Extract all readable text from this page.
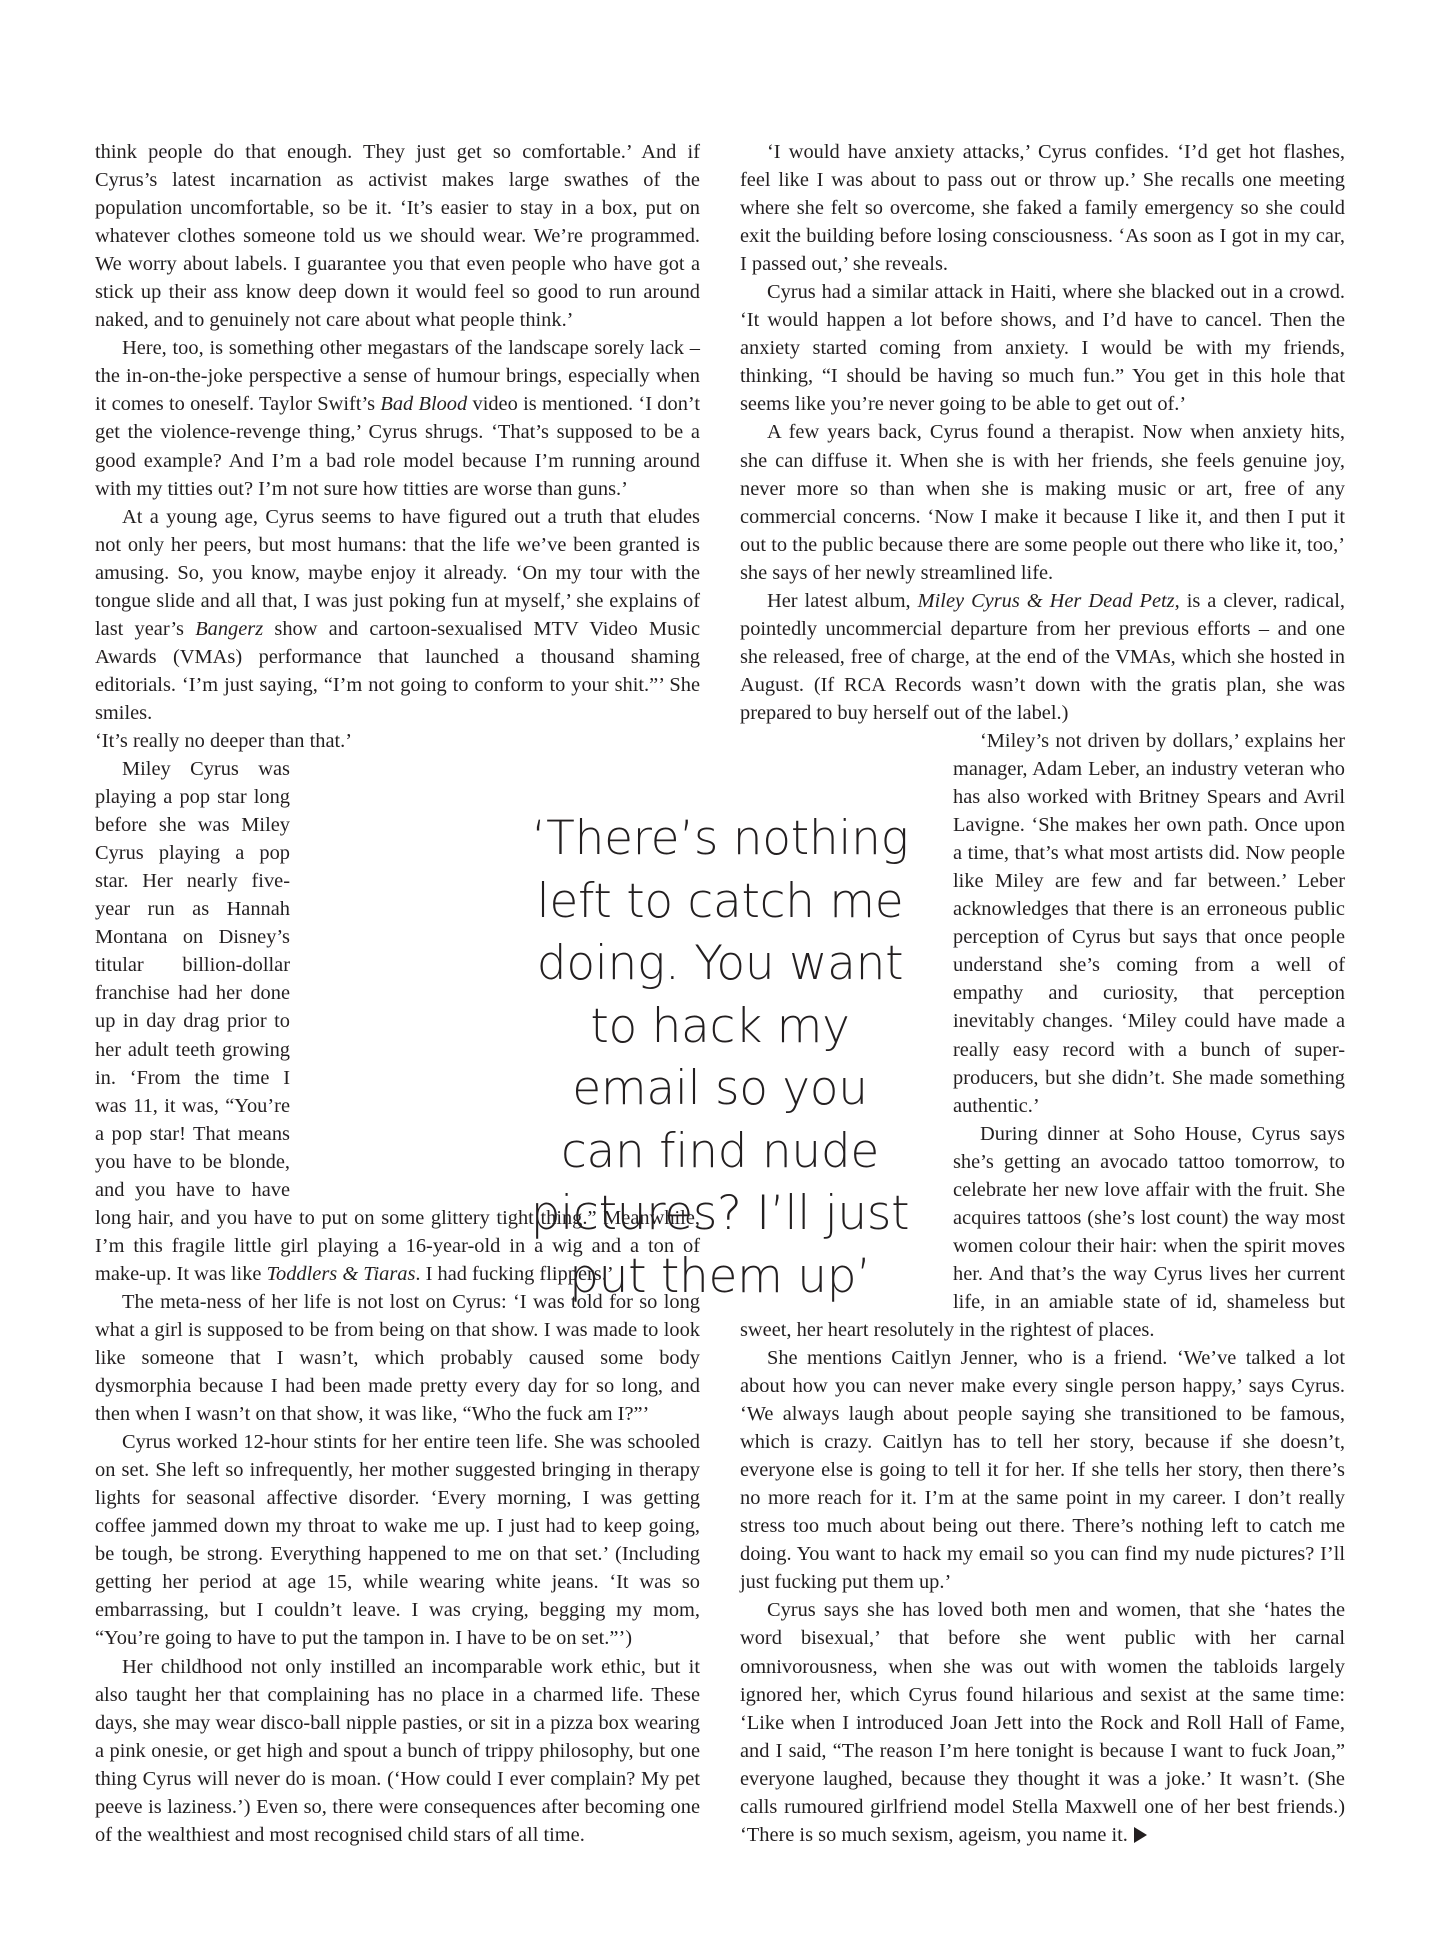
think people do that enough. They just get so comfortable.’ And if Cyrus’s latest incarnation as activist makes large swathes of the population uncomfortable, so be it. ‘It’s easier to stay in a box, put on whatever clothes someone told us we should wear. We’re programmed. We worry about labels. I guarantee you that even people who have got a stick up their ass know deep down it would feel so good to run around naked, and to genuinely not care about what people think.’

Here, too, is something other megastars of the landscape sorely lack – the in-on-the-joke perspective a sense of humour brings, especially when it comes to oneself. Taylor Swift’s Bad Blood video is mentioned. ‘I don’t get the violence-revenge thing,’ Cyrus shrugs. ‘That’s supposed to be a good example? And I’m a bad role model because I’m running around with my titties out? I’m not sure how titties are worse than guns.’

At a young age, Cyrus seems to have figured out a truth that eludes not only her peers, but most humans: that the life we’ve been granted is amusing. So, you know, maybe enjoy it already. ‘On my tour with the tongue slide and all that, I was just poking fun at myself,’ she explains of last year’s Bangerz show and cartoon-sexualised MTV Video Music Awards (VMAs) performance that launched a thousand shaming editorials. ‘I’m just saying, “I’m not going to conform to your shit.”’ She smiles.

‘It’s really no deeper than that.’

Miley Cyrus was playing a pop star long before she was Miley Cyrus playing a pop star. Her nearly five-year run as Hannah Montana on Disney’s titular billion-dollar franchise had her done up in day drag prior to her adult teeth growing in. ‘From the time I was 11, it was, “You’re a pop star! That means you have to be blonde, and you have to have long hair, and you have to put on some glittery tight thing.” Meanwhile, I’m this fragile little girl playing a 16-year-old in a wig and a ton of make-up. It was like Toddlers & Tiaras. I had fucking flippers.’

The meta-ness of her life is not lost on Cyrus: ‘I was told for so long what a girl is supposed to be from being on that show. I was made to look like someone that I wasn’t, which probably caused some body dysmorphia because I had been made pretty every day for so long, and then when I wasn’t on that show, it was like, “Who the fuck am I?”’

Cyrus worked 12-hour stints for her entire teen life. She was schooled on set. She left so infrequently, her mother suggested bringing in therapy lights for seasonal affective disorder. ‘Every morning, I was getting coffee jammed down my throat to wake me up. I just had to keep going, be tough, be strong. Everything happened to me on that set.’ (Including getting her period at age 15, while wearing white jeans. ‘It was so embarrassing, but I couldn’t leave. I was crying, begging my mom, “You’re going to have to put the tampon in. I have to be on set.”’)

Her childhood not only instilled an incomparable work ethic, but it also taught her that complaining has no place in a charmed life. These days, she may wear disco-ball nipple pasties, or sit in a pizza box wearing a pink onesie, or get high and spout a bunch of trippy philosophy, but one thing Cyrus will never do is moan. (‘How could I ever complain? My pet peeve is laziness.’) Even so, there were consequences after becoming one of the wealthiest and most recognised child stars of all time.

‘There’s nothing left to catch me doing. You want to hack my email so you can find nude pictures? I’ll just put them up’

‘I would have anxiety attacks,’ Cyrus confides. ‘I’d get hot flashes, feel like I was about to pass out or throw up.’ She recalls one meeting where she felt so overcome, she faked a family emergency so she could exit the building before losing consciousness. ‘As soon as I got in my car, I passed out,’ she reveals.

Cyrus had a similar attack in Haiti, where she blacked out in a crowd. ‘It would happen a lot before shows, and I’d have to cancel. Then the anxiety started coming from anxiety. I would be with my friends, thinking, “I should be having so much fun.” You get in this hole that seems like you’re never going to be able to get out of.’

A few years back, Cyrus found a therapist. Now when anxiety hits, she can diffuse it. When she is with her friends, she feels genuine joy, never more so than when she is making music or art, free of any commercial concerns. ‘Now I make it because I like it, and then I put it out to the public because there are some people out there who like it, too,’ she says of her newly streamlined life.

Her latest album, Miley Cyrus & Her Dead Petz, is a clever, radical, pointedly uncommercial departure from her previous efforts – and one she released, free of charge, at the end of the VMAs, which she hosted in August. (If RCA Records wasn’t down with the gratis plan, she was prepared to buy herself out of the label.)

‘Miley’s not driven by dollars,’ explains her manager, Adam Leber, an industry veteran who has also worked with Britney Spears and Avril Lavigne. ‘She makes her own path. Once upon a time, that’s what most artists did. Now people like Miley are few and far between.’ Leber acknowledges that there is an erroneous public perception of Cyrus but says that once people understand she’s coming from a well of empathy and curiosity, that perception inevitably changes. ‘Miley could have made a really easy record with a bunch of super-producers, but she didn’t. She made something authentic.’

During dinner at Soho House, Cyrus says she’s getting an avocado tattoo tomorrow, to celebrate her new love affair with the fruit. She acquires tattoos (she’s lost count) the way most women colour their hair: when the spirit moves her. And that’s the way Cyrus lives her current life, in an amiable state of id, shameless but sweet, her heart resolutely in the rightest of places.

She mentions Caitlyn Jenner, who is a friend. ‘We’ve talked a lot about how you can never make every single person happy,’ says Cyrus. ‘We always laugh about people saying she transitioned to be famous, which is crazy. Caitlyn has to tell her story, because if she doesn’t, everyone else is going to tell it for her. If she tells her story, then there’s no more reach for it. I’m at the same point in my career. I don’t really stress too much about being out there. There’s nothing left to catch me doing. You want to hack my email so you can find my nude pictures? I’ll just fucking put them up.’

Cyrus says she has loved both men and women, that she ‘hates the word bisexual,’ that before she went public with her carnal omnivorousness, when she was out with women the tabloids largely ignored her, which Cyrus found hilarious and sexist at the same time: ‘Like when I introduced Joan Jett into the Rock and Roll Hall of Fame, and I said, “The reason I’m here tonight is because I want to fuck Joan,” everyone laughed, because they thought it was a joke.’ It wasn’t. (She calls rumoured girlfriend model Stella Maxwell one of her best friends.) ‘There is so much sexism, ageism, you name it.
